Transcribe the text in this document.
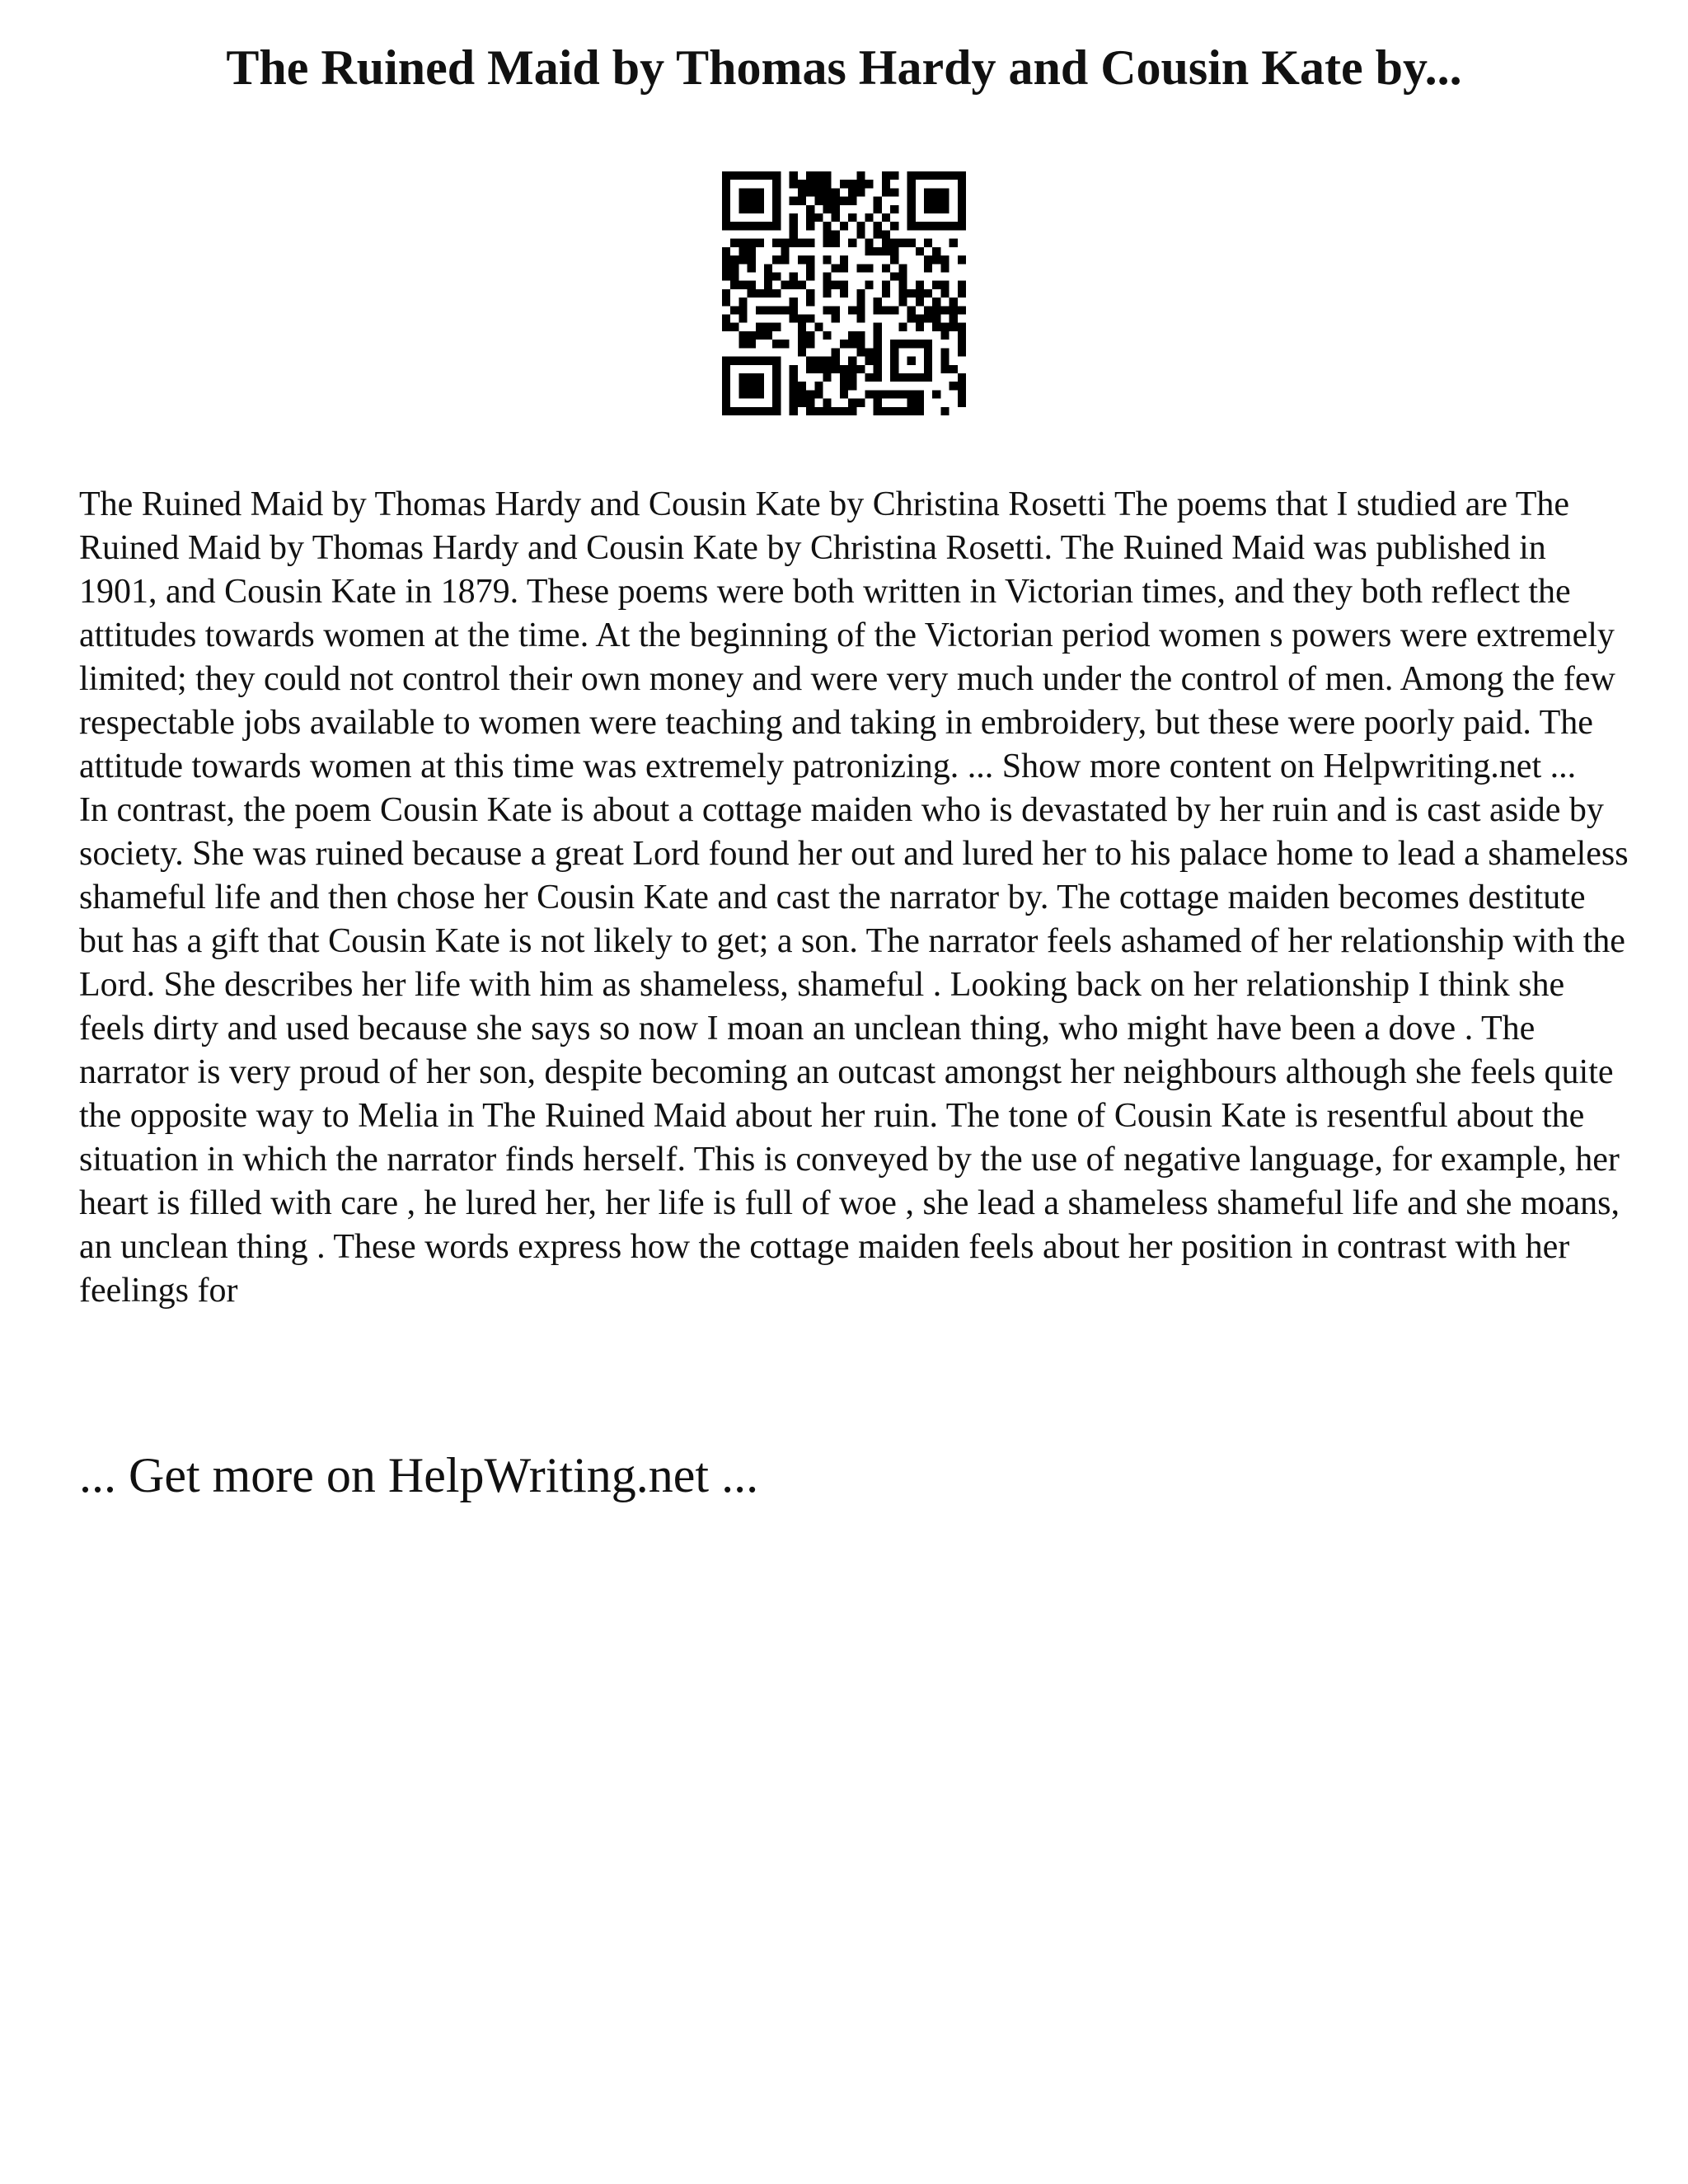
The Ruined Maid by Thomas Hardy and Cousin Kate by...

The Ruined Maid by Thomas Hardy and Cousin Kate by Christina Rosetti The poems that I studied are The Ruined Maid by Thomas Hardy and Cousin Kate by Christina Rosetti. The Ruined Maid was published in 1901, and Cousin Kate in 1879. These poems were both written in Victorian times, and they both reflect the attitudes towards women at the time. At the beginning of the Victorian period women s powers were extremely limited; they could not control their own money and were very much under the control of men. Among the few respectable jobs available to women were teaching and taking in embroidery, but these were poorly paid. The attitude towards women at this time was extremely patronizing. ... Show more content on Helpwriting.net ...

In contrast, the poem Cousin Kate is about a cottage maiden who is devastated by her ruin and is cast aside by society. She was ruined because a great Lord found her out and lured her to his palace home to lead a shameless shameful life and then chose her Cousin Kate and cast the narrator by. The cottage maiden becomes destitute but has a gift that Cousin Kate is not likely to get; a son. The narrator feels ashamed of her relationship with the Lord. She describes her life with him as shameless, shameful . Looking back on her relationship I think she feels dirty and used because she says so now I moan an unclean thing, who might have been a dove . The narrator is very proud of her son, despite becoming an outcast amongst her neighbours although she feels quite the opposite way to Melia in The Ruined Maid about her ruin. The tone of Cousin Kate is resentful about the situation in which the narrator finds herself. This is conveyed by the use of negative language, for example, her heart is filled with care , he lured her, her life is full of woe , she lead a shameless shameful life and she moans, an unclean thing . These words express how the cottage maiden feels about her position in contrast with her feelings for

... Get more on HelpWriting.net ...
